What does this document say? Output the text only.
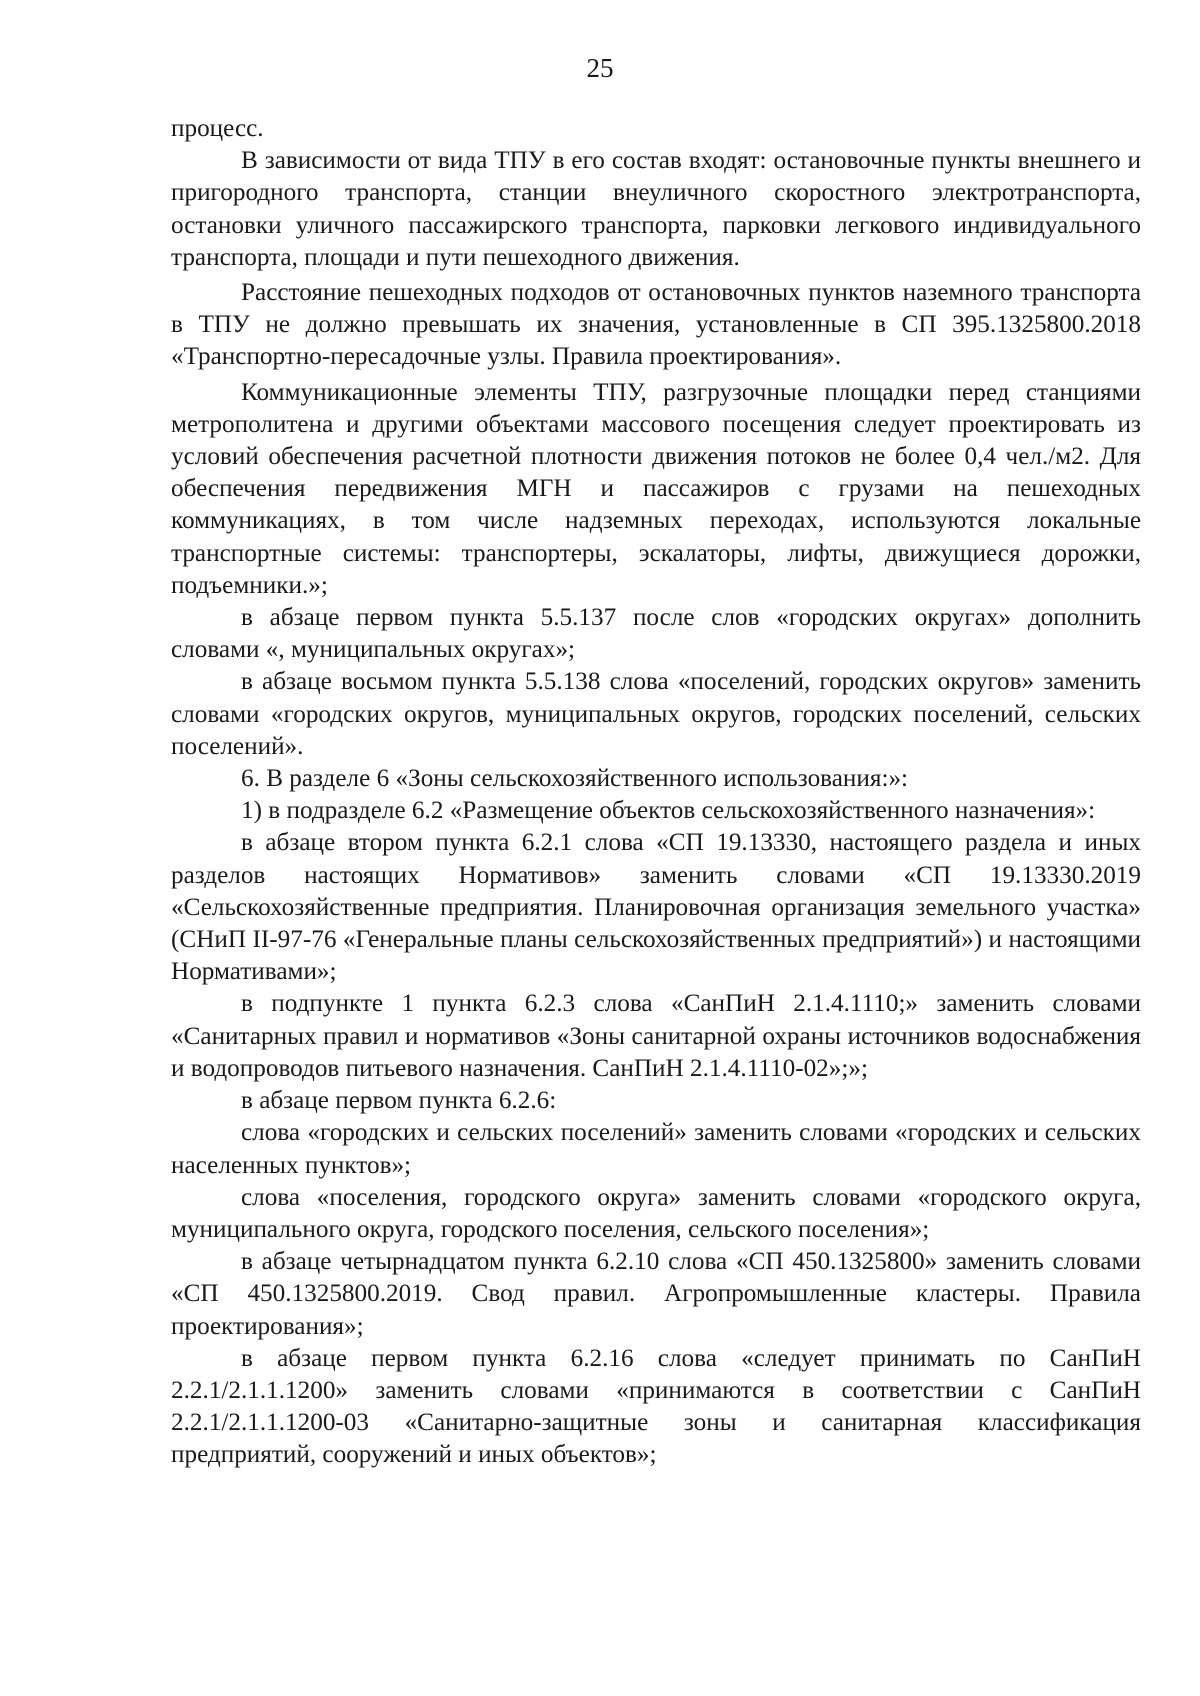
25

процесс.

В зависимости от вида ТПУ в его состав входят: остановочные пункты внешнего и пригородного транспорта, станции внеуличного скоростного электротранспорта, остановки уличного пассажирского транспорта, парковки легкового индивидуального транспорта, площади и пути пешеходного движения.

Расстояние пешеходных подходов от остановочных пунктов наземного транспорта в ТПУ не должно превышать их значения, установленные в СП 395.1325800.2018 «Транспортно-пересадочные узлы. Правила проектирования».

Коммуникационные элементы ТПУ, разгрузочные площадки перед станциями метрополитена и другими объектами массового посещения следует проектировать из условий обеспечения расчетной плотности движения потоков не более 0,4 чел./м2. Для обеспечения передвижения МГН и пассажиров с грузами на пешеходных коммуникациях, в том числе надземных переходах, используются локальные транспортные системы: транспортеры, эскалаторы, лифты, движущиеся дорожки, подъемники.»;

в абзаце первом пункта 5.5.137 после слов «городских округах» дополнить словами «, муниципальных округах»;

в абзаце восьмом пункта 5.5.138 слова «поселений, городских округов» заменить словами «городских округов, муниципальных округов, городских поселений, сельских поселений».

6. В разделе 6 «Зоны сельскохозяйственного использования:»:

1) в подразделе 6.2 «Размещение объектов сельскохозяйственного назначения»:

в абзаце втором пункта 6.2.1 слова «СП 19.13330, настоящего раздела и иных разделов настоящих Нормативов» заменить словами «СП 19.13330.2019 «Сельскохозяйственные предприятия. Планировочная организация земельного участка» (СНиП II-97-76 «Генеральные планы сельскохозяйственных предприятий») и настоящими Нормативами»;

в подпункте 1 пункта 6.2.3 слова «СанПиН 2.1.4.1110;» заменить словами «Санитарных правил и нормативов «Зоны санитарной охраны источников водоснабжения и водопроводов питьевого назначения. СанПиН 2.1.4.1110-02»;»;

в абзаце первом пункта 6.2.6:

слова «городских и сельских поселений» заменить словами «городских и сельских населенных пунктов»;

слова «поселения, городского округа» заменить словами «городского округа, муниципального округа, городского поселения, сельского поселения»;

в абзаце четырнадцатом пункта 6.2.10 слова «СП 450.1325800» заменить словами «СП 450.1325800.2019. Свод правил. Агропромышленные кластеры. Правила проектирования»;

в абзаце первом пункта 6.2.16 слова «следует принимать по СанПиН 2.2.1/2.1.1.1200» заменить словами «принимаются в соответствии с СанПиН 2.2.1/2.1.1.1200-03 «Санитарно-защитные зоны и санитарная классификация предприятий, сооружений и иных объектов»;
